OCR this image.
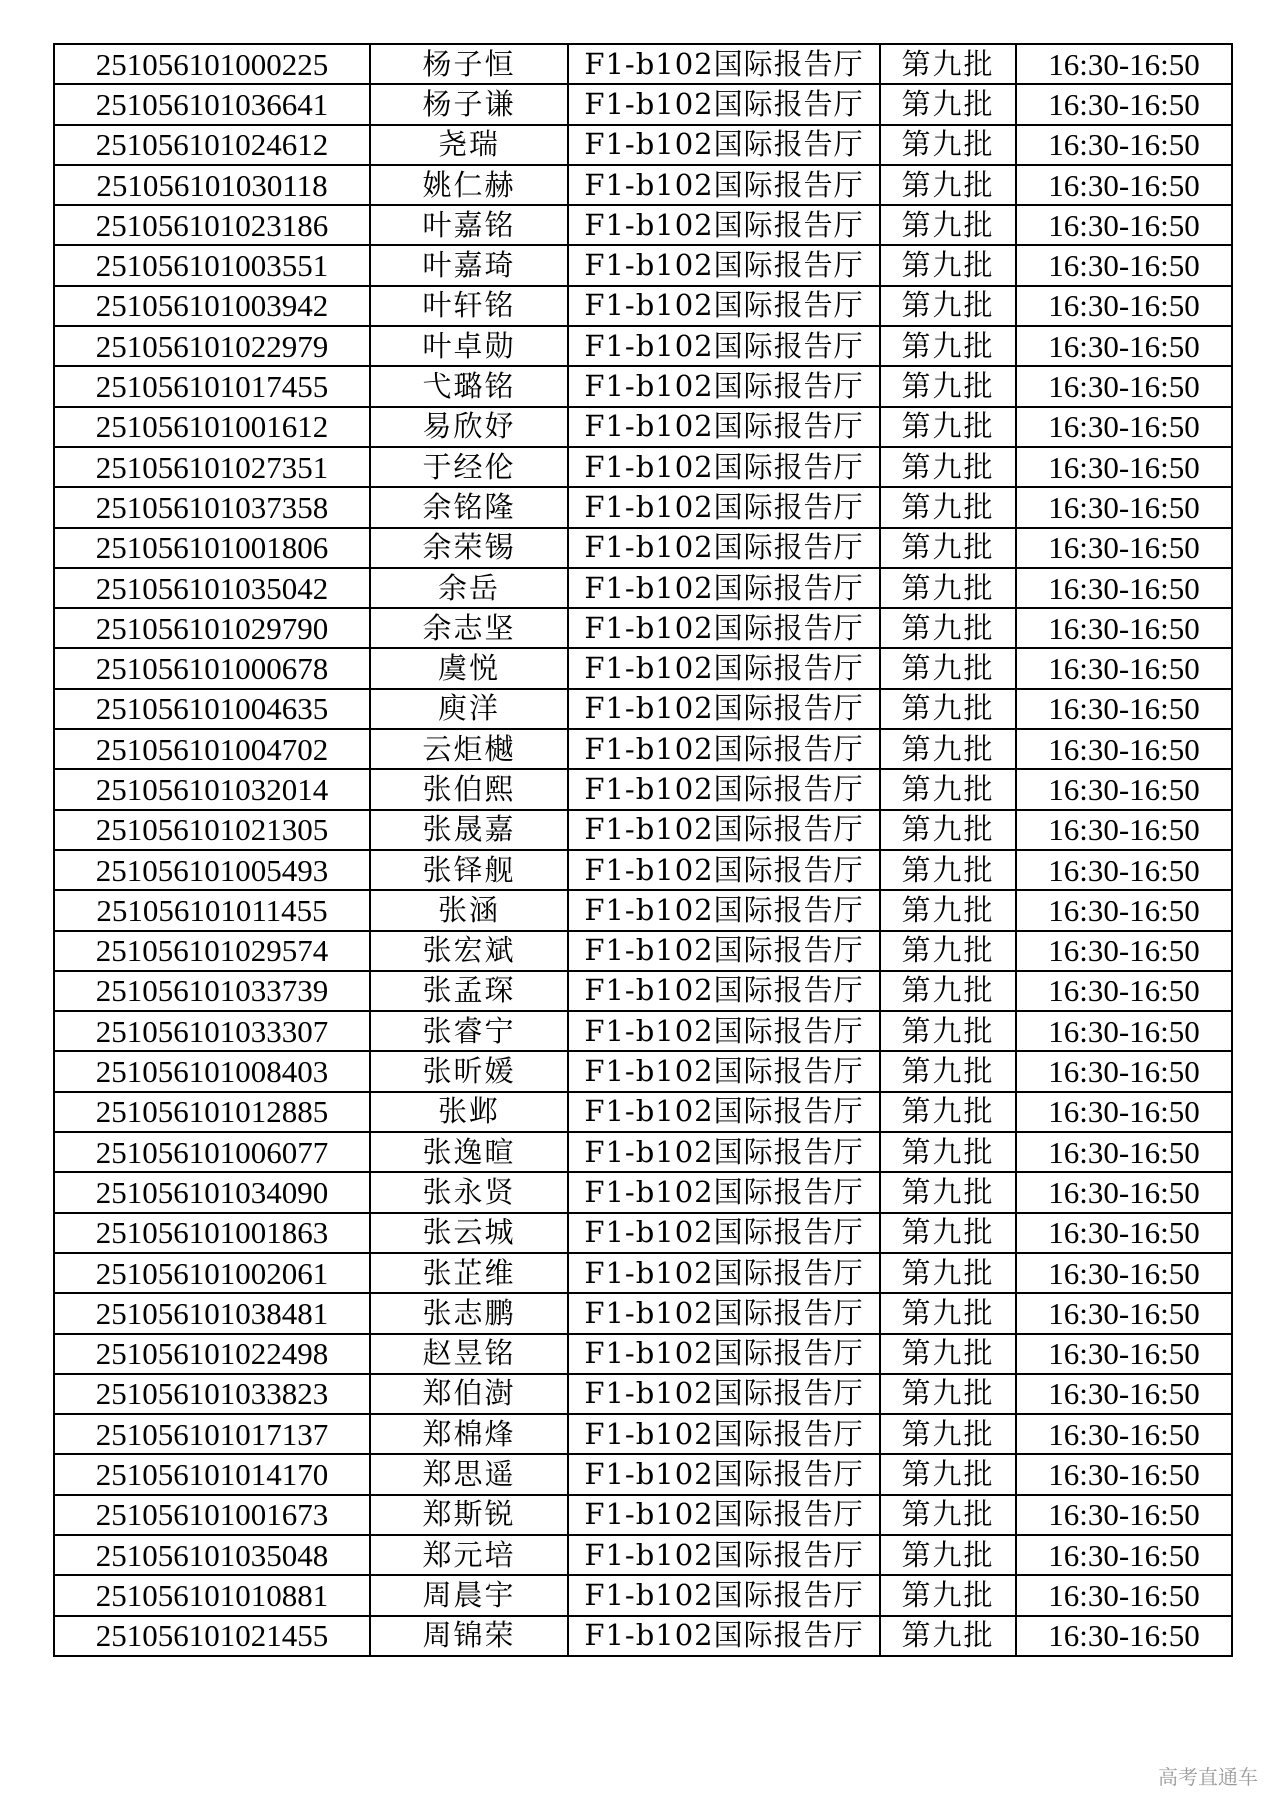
251056101000225	杨子恒	F1-b102国际报告厅	第九批	16:30-16:50
251056101036641	杨子谦	F1-b102国际报告厅	第九批	16:30-16:50
251056101024612	尧瑞	F1-b102国际报告厅	第九批	16:30-16:50
251056101030118	姚仁赫	F1-b102国际报告厅	第九批	16:30-16:50
251056101023186	叶嘉铭	F1-b102国际报告厅	第九批	16:30-16:50
251056101003551	叶嘉琦	F1-b102国际报告厅	第九批	16:30-16:50
251056101003942	叶轩铭	F1-b102国际报告厅	第九批	16:30-16:50
251056101022979	叶卓勋	F1-b102国际报告厅	第九批	16:30-16:50
251056101017455	弋璐铭	F1-b102国际报告厅	第九批	16:30-16:50
251056101001612	易欣妤	F1-b102国际报告厅	第九批	16:30-16:50
251056101027351	于经伦	F1-b102国际报告厅	第九批	16:30-16:50
251056101037358	余铭隆	F1-b102国际报告厅	第九批	16:30-16:50
251056101001806	余荣锡	F1-b102国际报告厅	第九批	16:30-16:50
251056101035042	余岳	F1-b102国际报告厅	第九批	16:30-16:50
251056101029790	余志坚	F1-b102国际报告厅	第九批	16:30-16:50
251056101000678	虞悦	F1-b102国际报告厅	第九批	16:30-16:50
251056101004635	庾洋	F1-b102国际报告厅	第九批	16:30-16:50
251056101004702	云炬樾	F1-b102国际报告厅	第九批	16:30-16:50
251056101032014	张伯熙	F1-b102国际报告厅	第九批	16:30-16:50
251056101021305	张晟嘉	F1-b102国际报告厅	第九批	16:30-16:50
251056101005493	张铎舰	F1-b102国际报告厅	第九批	16:30-16:50
251056101011455	张涵	F1-b102国际报告厅	第九批	16:30-16:50
251056101029574	张宏斌	F1-b102国际报告厅	第九批	16:30-16:50
251056101033739	张孟琛	F1-b102国际报告厅	第九批	16:30-16:50
251056101033307	张睿宁	F1-b102国际报告厅	第九批	16:30-16:50
251056101008403	张昕媛	F1-b102国际报告厅	第九批	16:30-16:50
251056101012885	张邺	F1-b102国际报告厅	第九批	16:30-16:50
251056101006077	张逸暄	F1-b102国际报告厅	第九批	16:30-16:50
251056101034090	张永贤	F1-b102国际报告厅	第九批	16:30-16:50
251056101001863	张云城	F1-b102国际报告厅	第九批	16:30-16:50
251056101002061	张芷维	F1-b102国际报告厅	第九批	16:30-16:50
251056101038481	张志鹏	F1-b102国际报告厅	第九批	16:30-16:50
251056101022498	赵昱铭	F1-b102国际报告厅	第九批	16:30-16:50
251056101033823	郑伯澍	F1-b102国际报告厅	第九批	16:30-16:50
251056101017137	郑棉烽	F1-b102国际报告厅	第九批	16:30-16:50
251056101014170	郑思遥	F1-b102国际报告厅	第九批	16:30-16:50
251056101001673	郑斯锐	F1-b102国际报告厅	第九批	16:30-16:50
251056101035048	郑元培	F1-b102国际报告厅	第九批	16:30-16:50
251056101010881	周晨宇	F1-b102国际报告厅	第九批	16:30-16:50
251056101021455	周锦荣	F1-b102国际报告厅	第九批	16:30-16:50
高考直通车
